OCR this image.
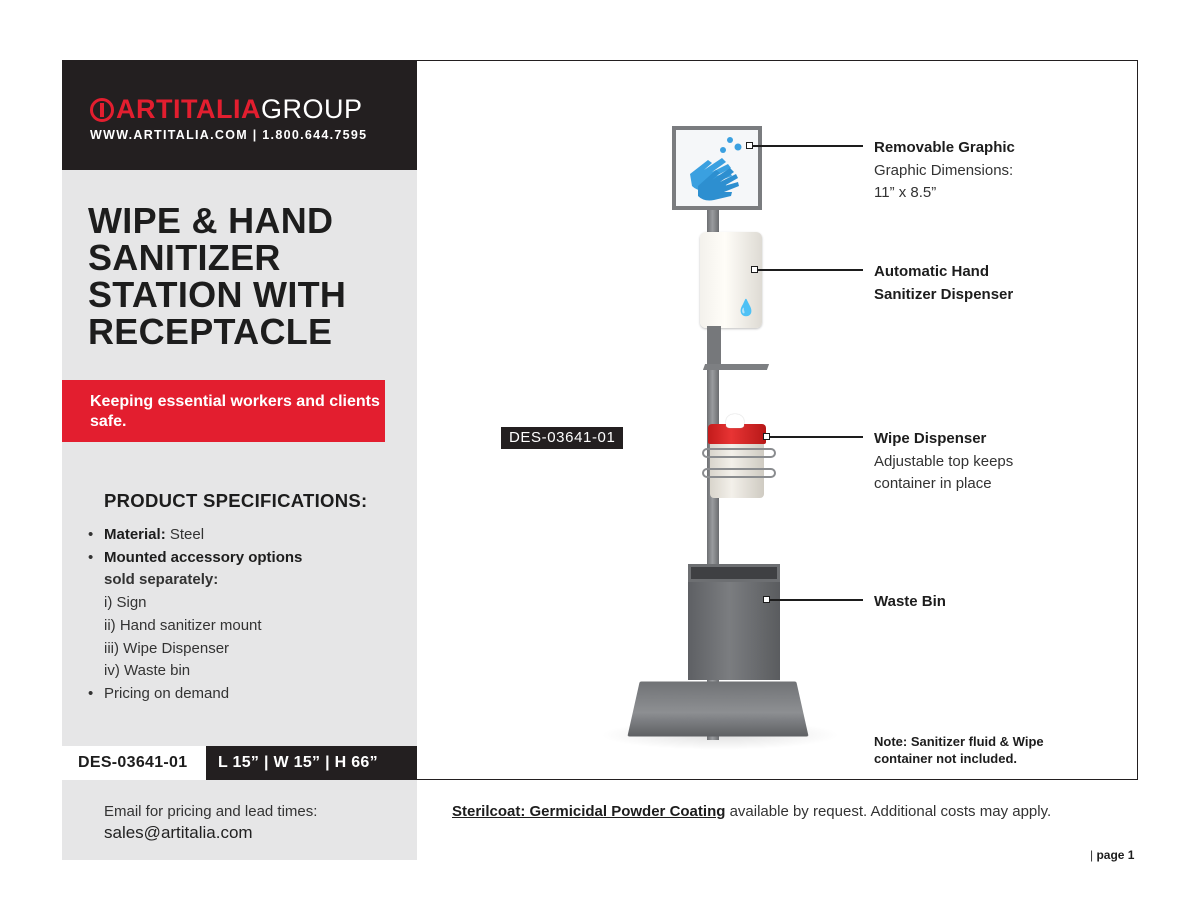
ARTITALIA GROUP
WWW.ARTITALIA.COM | 1.800.644.7595
WIPE & HAND SANITIZER STATION WITH RECEPTACLE
Keeping essential workers and clients safe.
PRODUCT SPECIFICATIONS:
• Material: Steel
• Mounted accessory options
sold separately:
i) Sign
ii) Hand sanitizer mount
iii) Wipe Dispenser
iv) Waste bin
• Pricing on demand
DES-03641-01	L 15” | W 15” | H 66”
Email for pricing and lead times:
sales@artitalia.com
💧
DES-03641-01
Removable Graphic
Graphic Dimensions:
11” x 8.5”
Automatic Hand
Sanitizer Dispenser
Wipe Dispenser
Adjustable top keeps
container in place
Waste Bin
Note: Sanitizer fluid & Wipe
container not included.
Sterilcoat: Germicidal Powder Coating available by request. Additional costs may apply.
| page 1
